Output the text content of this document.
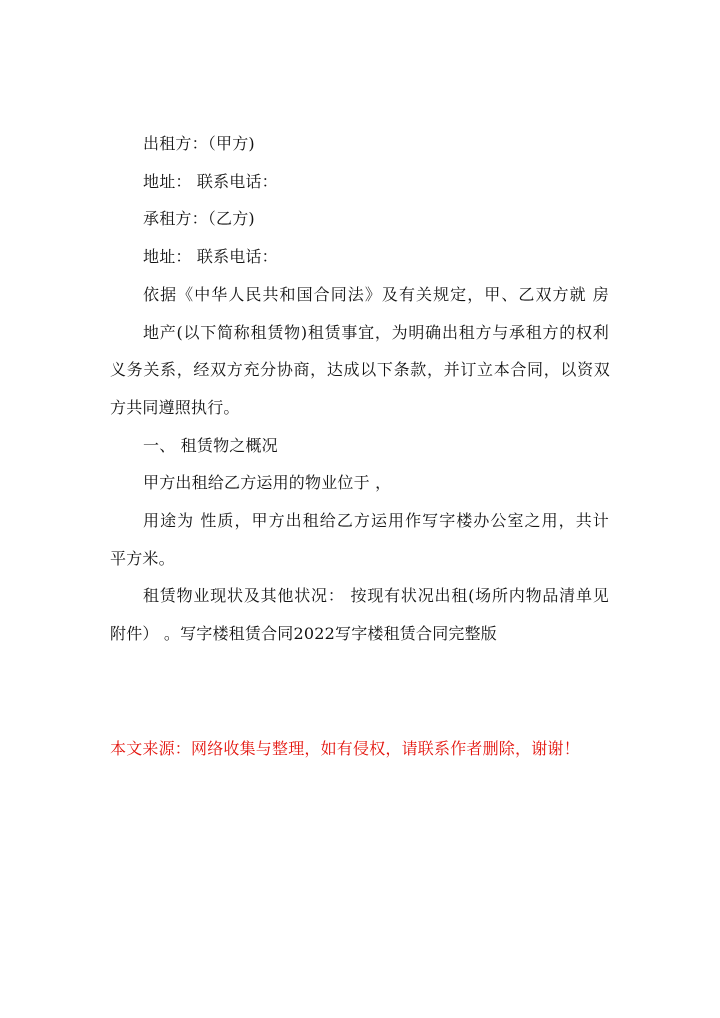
出租方：（甲方)
地址： 联系电话：
承租方：（乙方)
地址： 联系电话：
依据《中华人民共和国合同法》及有关规定，甲、乙双方就 房
地产(以下简称租赁物)租赁事宜，为明确出租方与承租方的权利
义务关系，经双方充分协商，达成以下条款，并订立本合同，以资双
方共同遵照执行。
一、 租赁物之概况
甲方出租给乙方运用的物业位于 ，
用途为 性质，甲方出租给乙方运用作写字楼办公室之用，共计
平方米。
租赁物业现状及其他状况： 按现有状况出租(场所内物品清单见
附件） 。写字楼租赁合同2022写字楼租赁合同完整版
本文来源：网络收集与整理，如有侵权，请联系作者删除，谢谢！
